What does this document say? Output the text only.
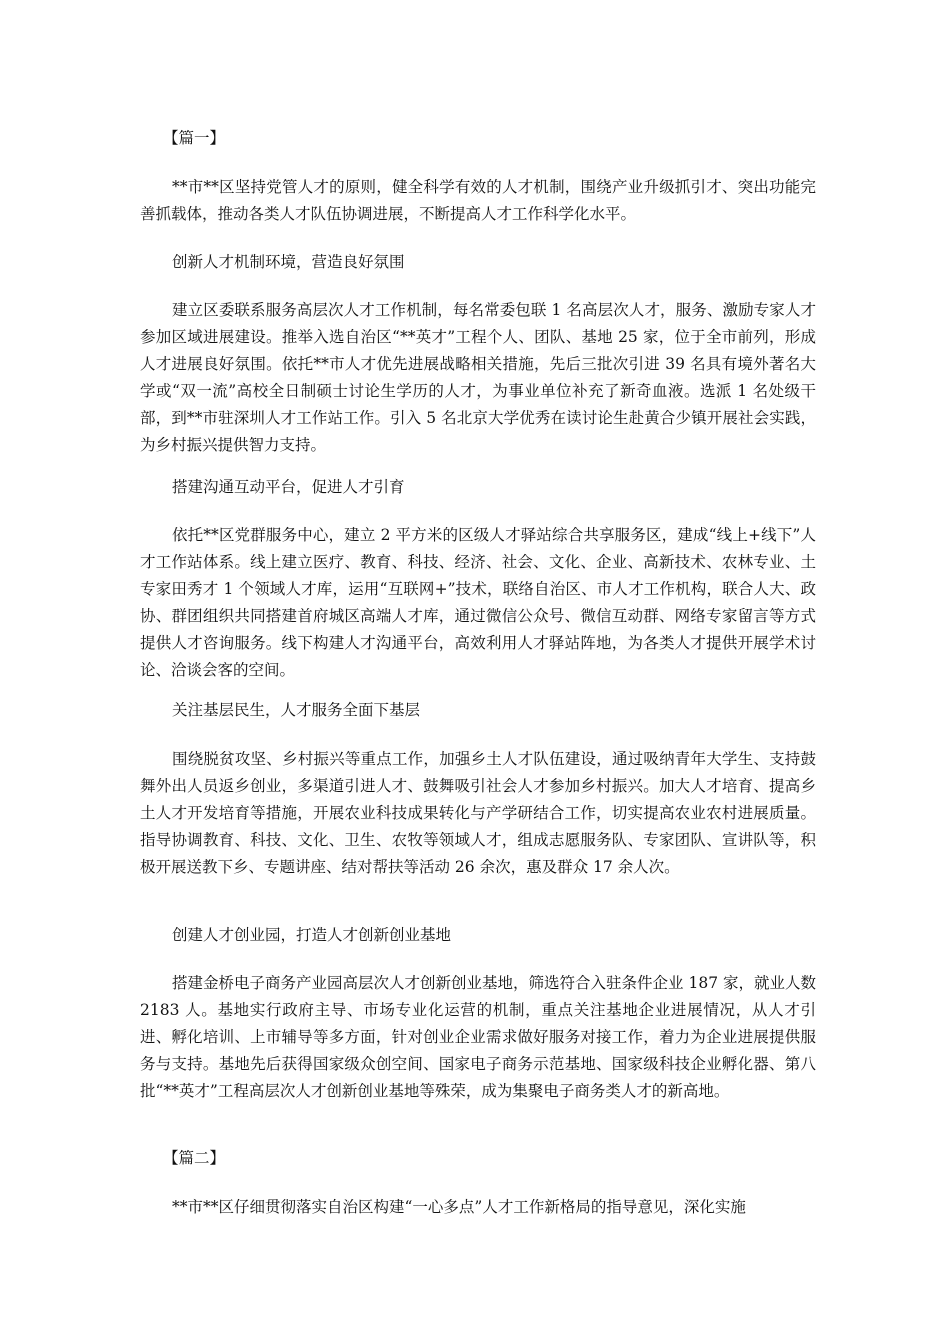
【篇一】

**市**区坚持党管人才的原则，健全科学有效的人才机制，围绕产业升级抓引才、突出功能完善抓载体，推动各类人才队伍协调进展，不断提高人才工作科学化水平。

创新人才机制环境，营造良好氛围

建立区委联系服务高层次人才工作机制，每名常委包联 1 名高层次人才，服务、激励专家人才参加区域进展建设。推举入选自治区“**英才”工程个人、团队、基地 25 家，位于全市前列，形成人才进展良好氛围。依托**市人才优先进展战略相关措施，先后三批次引进 39 名具有境外著名大学或“双一流”高校全日制硕士讨论生学历的人才，为事业单位补充了新奇血液。选派 1 名处级干部，到**市驻深圳人才工作站工作。引入 5 名北京大学优秀在读讨论生赴黄合少镇开展社会实践，为乡村振兴提供智力支持。

搭建沟通互动平台，促进人才引育

依托**区党群服务中心，建立 2 平方米的区级人才驿站综合共享服务区，建成“线上+线下”人才工作站体系。线上建立医疗、教育、科技、经济、社会、文化、企业、高新技术、农林专业、土专家田秀才 1 个领域人才库，运用“互联网+”技术，联络自治区、市人才工作机构，联合人大、政协、群团组织共同搭建首府城区高端人才库，通过微信公众号、微信互动群、网络专家留言等方式提供人才咨询服务。线下构建人才沟通平台，高效利用人才驿站阵地，为各类人才提供开展学术讨论、洽谈会客的空间。

关注基层民生，人才服务全面下基层

围绕脱贫攻坚、乡村振兴等重点工作，加强乡土人才队伍建设，通过吸纳青年大学生、支持鼓舞外出人员返乡创业，多渠道引进人才、鼓舞吸引社会人才参加乡村振兴。加大人才培育、提高乡土人才开发培育等措施，开展农业科技成果转化与产学研结合工作，切实提高农业农村进展质量。指导协调教育、科技、文化、卫生、农牧等领域人才，组成志愿服务队、专家团队、宣讲队等，积极开展送教下乡、专题讲座、结对帮扶等活动 26 余次，惠及群众 17 余人次。

创建人才创业园，打造人才创新创业基地

搭建金桥电子商务产业园高层次人才创新创业基地，筛选符合入驻条件企业 187 家，就业人数 2183 人。基地实行政府主导、市场专业化运营的机制，重点关注基地企业进展情况，从人才引进、孵化培训、上市辅导等多方面，针对创业企业需求做好服务对接工作，着力为企业进展提供服务与支持。基地先后获得国家级众创空间、国家电子商务示范基地、国家级科技企业孵化器、第八批“**英才”工程高层次人才创新创业基地等殊荣，成为集聚电子商务类人才的新高地。

【篇二】

**市**区仔细贯彻落实自治区构建“一心多点”人才工作新格局的指导意见，深化实施
